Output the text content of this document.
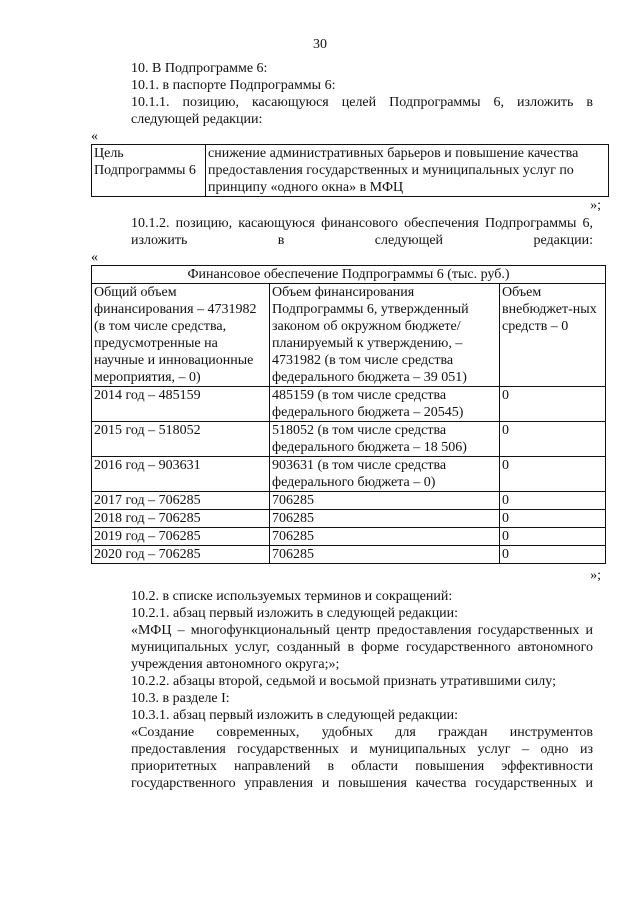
30

10. В Подпрограмме 6:

10.1. в паспорте Подпрограммы 6:

10.1.1. позицию, касающуюся целей Подпрограммы 6, изложить в следующей редакции:

«

Цель Подпрограммы 6	снижение административных барьеров и повышение качества предоставления государственных и муниципальных услуг по принципу «одного окна» в МФЦ

»;

10.1.2. позицию, касающуюся финансового обеспечения Подпрограммы 6, изложить в следующей редакции:

«

Финансовое обеспечение Подпрограммы 6 (тыс. руб.)		
Общий объем финансирования – 4731982 (в том числе средства, предусмотренные на научные и инновационные мероприятия, – 0)	Объем финансирования Подпрограммы 6, утвержденный законом об окружном бюджете/планируемый к утверждению, – 4731982 (в том числе средства федерального бюджета – 39 051)	Объем внебюджет-ных средств – 0
2014 год – 485159	485159 (в том числе средства федерального бюджета – 20545)	0
2015 год – 518052	518052 (в том числе средства федерального бюджета – 18 506)	0
2016 год – 903631	903631 (в том числе средства федерального бюджета – 0)	0
2017 год – 706285	706285	0
2018 год – 706285	706285	0
2019 год – 706285	706285	0
2020 год – 706285	706285	0

»;

10.2. в списке используемых терминов и сокращений:

10.2.1. абзац первый изложить в следующей редакции:

«МФЦ – многофункциональный центр предоставления государственных и муниципальных услуг, созданный в форме государственного автономного учреждения автономного округа;»;

10.2.2. абзацы второй, седьмой и восьмой признать утратившими силу;

10.3. в разделе I:

10.3.1. абзац первый изложить в следующей редакции:

«Создание современных, удобных для граждан инструментов предоставления государственных и муниципальных услуг – одно из приоритетных направлений в области повышения эффективности государственного управления и повышения качества государственных и
